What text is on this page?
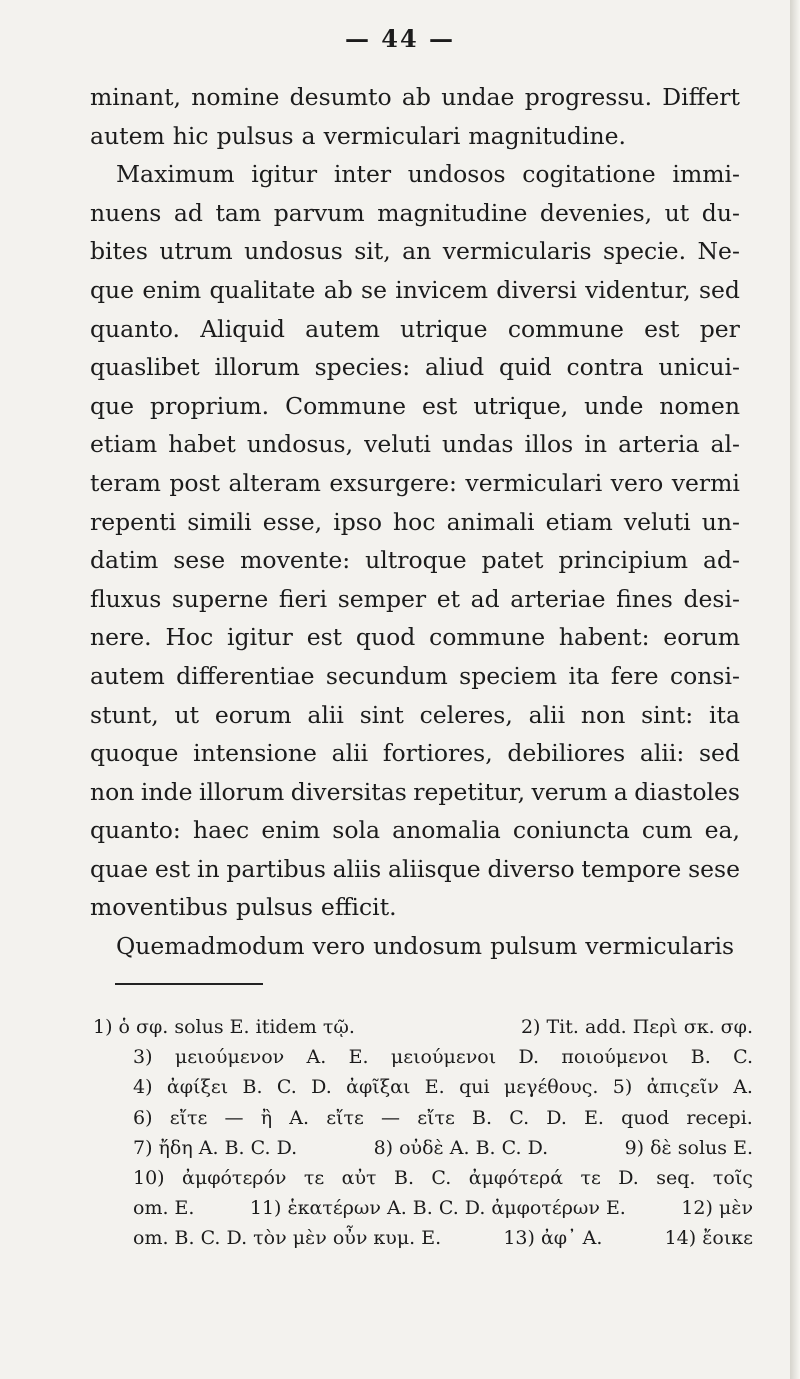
— 44 —
minant, nomine desumto ab undae progressu. Differt
autem hic pulsus a vermiculari magnitudine.
Maximum igitur inter undosos cogitatione immi-
nuens ad tam parvum magnitudine devenies, ut du-
bites utrum undosus sit, an vermicularis specie. Ne-
que enim qualitate ab se invicem diversi videntur, sed
quanto. Aliquid autem utrique commune est per
quaslibet illorum species: aliud quid contra unicui-
que proprium. Commune est utrique, unde nomen
etiam habet undosus, veluti undas illos in arteria al-
teram post alteram exsurgere: vermiculari vero vermi
repenti simili esse, ipso hoc animali etiam veluti un-
datim sese movente: ultroque patet principium ad-
fluxus superne fieri semper et ad arteriae fines desi-
nere. Hoc igitur est quod commune habent: eorum
autem differentiae secundum speciem ita fere consi-
stunt, ut eorum alii sint celeres, alii non sint: ita
quoque intensione alii fortiores, debiliores alii: sed
non inde illorum diversitas repetitur, verum a diastoles
quanto: haec enim sola anomalia coniuncta cum ea,
quae est in partibus aliis aliisque diverso tempore sese
moventibus pulsus efficit.
Quemadmodum vero undosum pulsum vermicularis
1) ὁ σφ. solus E. itidem τῷ.	2) Tit. add. Περὶ σκ. σφ.
3) μειούμενον A. E. μειούμενοι D. ποιούμενοι B. C.
4) ἀφίξει B. C. D. ἀφῖξαι E. qui μεγέθους. 5) ἀπιςεῖν A.
6) εἴτε — ἢ A. εἴτε — εἴτε B. C. D. E. quod recepi.
7) ἤδη A. B. C. D.	8) οὐδὲ A. B. C. D.	9) δὲ solus E.
10) ἀμφότερόν τε αὐτ B. C. ἀμφότερά τε D. seq. τοῖς
om. E.	11) ἑκατέρων A. B. C. D. ἀμφοτέρων E.	12) μὲν
om. B. C. D. τὸν μὲν οὖν κυμ. E.	13) ἀφ᾽ A.	14) ἔοικε
